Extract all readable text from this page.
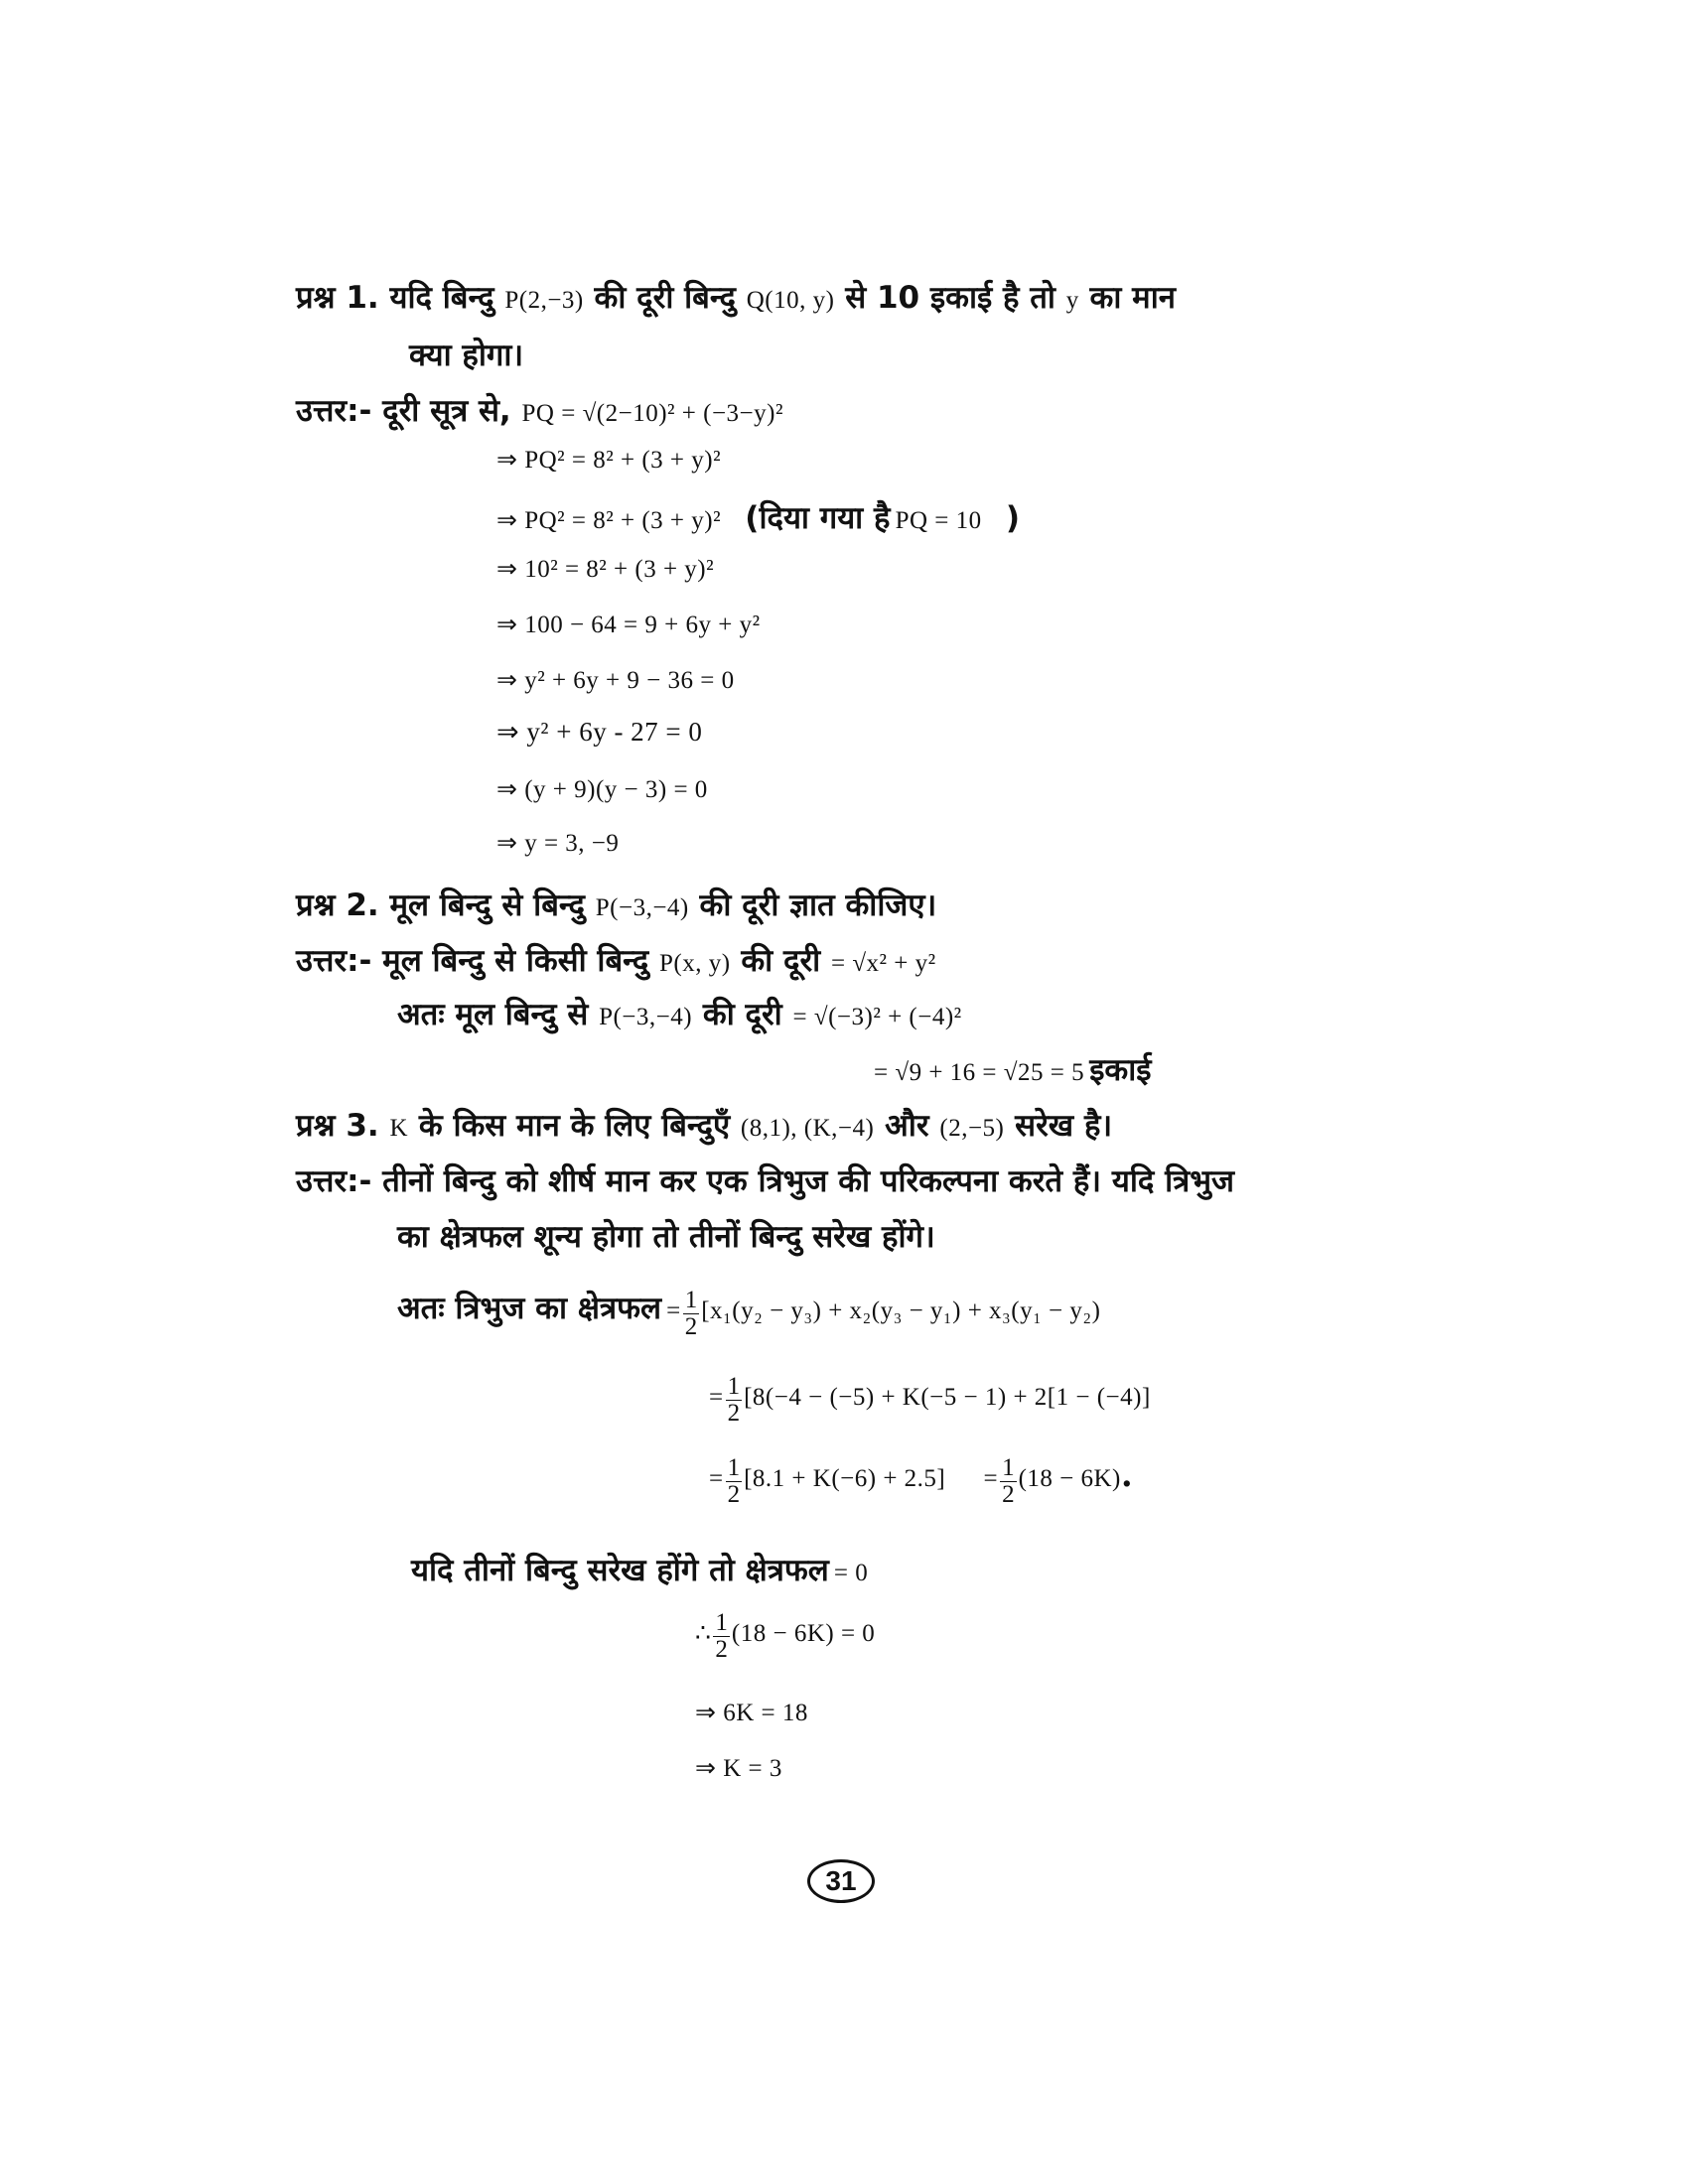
प्रश्न 1. यदि बिन्दु P(2,−3) की दूरी बिन्दु Q(10, y) से 10 इकाई है तो y का मान
क्या होगा।
उत्तर:- दूरी सूत्र से, PQ = √(2−10)² + (−3−y)²
⇒ PQ² = 8² + (3 + y)²
⇒ PQ² = 8² + (3 + y)² (दिया गया है PQ = 10 )
⇒ 10² = 8² + (3 + y)²
⇒ 100 − 64 = 9 + 6y + y²
⇒ y² + 6y + 9 − 36 = 0
⇒ y² + 6y - 27 = 0
⇒ (y + 9)(y − 3) = 0
⇒ y = 3, −9
प्रश्न 2. मूल बिन्दु से बिन्दु P(−3,−4) की दूरी ज्ञात कीजिए।
उत्तर:- मूल बिन्दु से किसी बिन्दु P(x, y) की दूरी = √x² + y²
अतः मूल बिन्दु से P(−3,−4) की दूरी = √(−3)² + (−4)²
= √9 + 16 = √25 = 5 इकाई
प्रश्न 3. K के किस मान के लिए बिन्दुएँ (8,1), (K,−4) और (2,−5) सरेख है।
उत्तर:- तीनों बिन्दु को शीर्ष मान कर एक त्रिभुज की परिकल्पना करते हैं। यदि त्रिभुज
का क्षेत्रफल शून्य होगा तो तीनों बिन्दु सरेख होंगे।
अतः त्रिभुज का क्षेत्रफल = $\frac{1}{2} [x_1(y_2 - y_3) + x_2(y_3 - y_1) + x_3(y_1 - y_2)$
= $\frac{1}{2} [8(-4 - (-5) + K(-5 - 1) + 2[1 - (-4)]$
= $\frac{1}{2} [8.1 + K(-6) + 2.5] = \frac{1}{2} (18 - 6K)$.
यदि तीनों बिन्दु सरेख होंगे तो क्षेत्रफल = 0
∴ $\frac{1}{2} (18 - 6K) = 0$
⇒ 6K = 18
⇒ K = 3
31
